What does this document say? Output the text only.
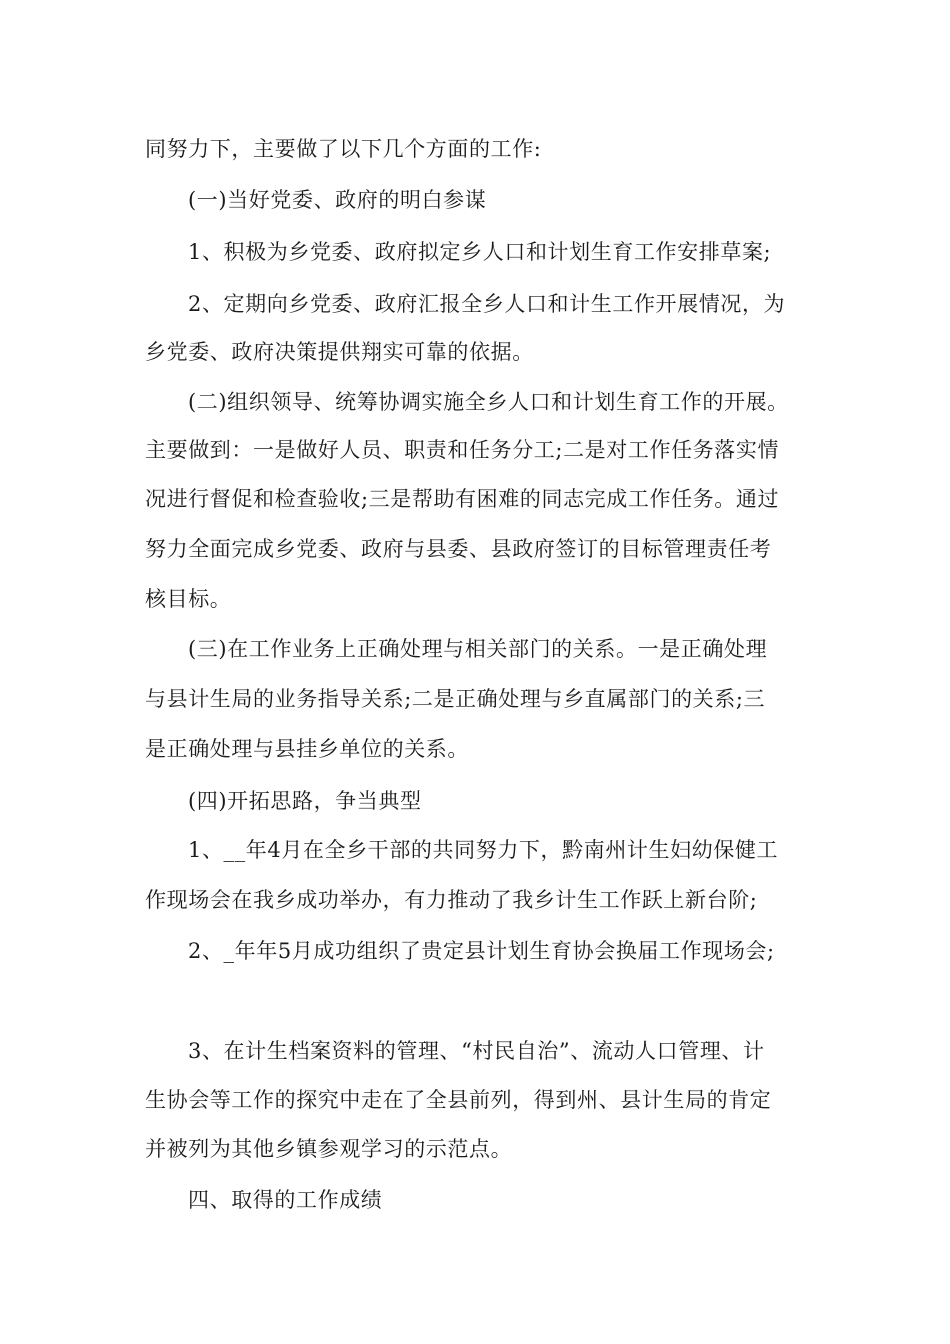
同努力下，主要做了以下几个方面的工作:
(一)当好党委、政府的明白参谋
1、积极为乡党委、政府拟定乡人口和计划生育工作安排草案;
2、定期向乡党委、政府汇报全乡人口和计生工作开展情况，为
乡党委、政府决策提供翔实可靠的依据。
(二)组织领导、统筹协调实施全乡人口和计划生育工作的开展。
主要做到：一是做好人员、职责和任务分工;二是对工作任务落实情
况进行督促和检查验收;三是帮助有困难的同志完成工作任务。通过
努力全面完成乡党委、政府与县委、县政府签订的目标管理责任考
核目标。
(三)在工作业务上正确处理与相关部门的关系。一是正确处理
与县计生局的业务指导关系;二是正确处理与乡直属部门的关系;三
是正确处理与县挂乡单位的关系。
(四)开拓思路，争当典型
1、__年4月在全乡干部的共同努力下，黔南州计生妇幼保健工
作现场会在我乡成功举办，有力推动了我乡计生工作跃上新台阶;
2、_年年5月成功组织了贵定县计划生育协会换届工作现场会;
3、在计生档案资料的管理、“村民自治”、流动人口管理、计
生协会等工作的探究中走在了全县前列，得到州、县计生局的肯定
并被列为其他乡镇参观学习的示范点。
四、取得的工作成绩
